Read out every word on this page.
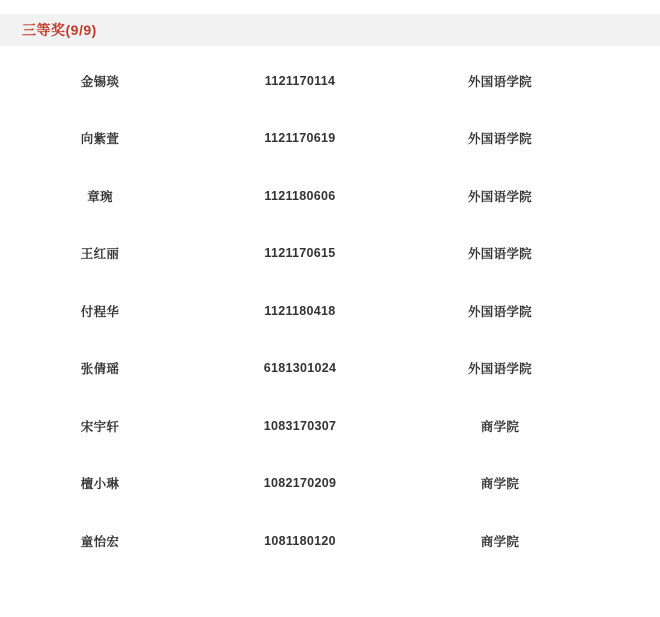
三等奖(9/9)
金锡琰	1121170114	外国语学院
向紫萱	1121170619	外国语学院
章琬	1121180606	外国语学院
王红丽	1121170615	外国语学院
付程华	1121180418	外国语学院
张倩瑶	6181301024	外国语学院
宋宇轩	1083170307	商学院
檀小琳	1082170209	商学院
童怡宏	1081180120	商学院
